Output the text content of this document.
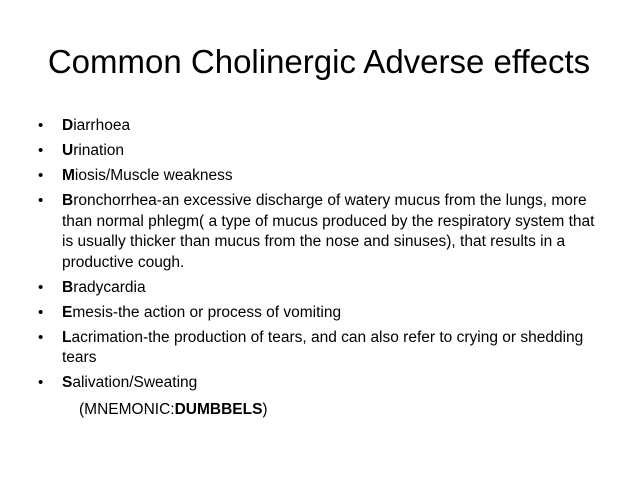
Common Cholinergic Adverse effects
• Diarrhoea
• Urination
• Miosis/Muscle weakness
• Bronchorrhea-an excessive discharge of watery mucus from the lungs, more than normal phlegm( a type of mucus produced by the respiratory system that is usually thicker than mucus from the nose and sinuses), that results in a productive cough.
• Bradycardia
• Emesis-the action or process of vomiting
• Lacrimation-the production of tears, and can also refer to crying or shedding tears
• Salivation/Sweating
(MNEMONIC:DUMBBELS)
